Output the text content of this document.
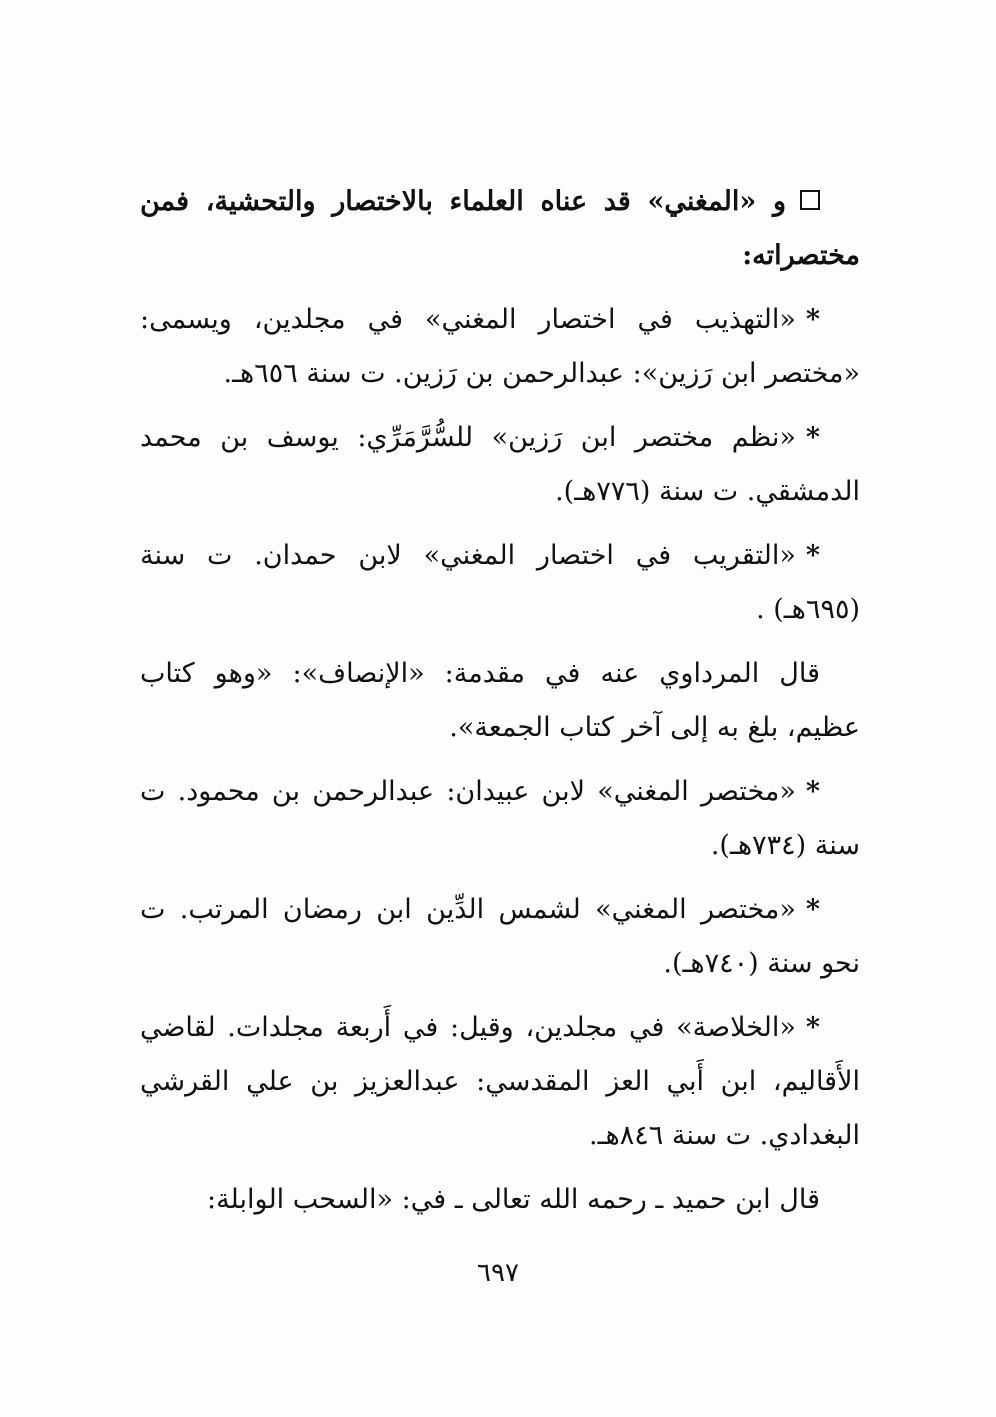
و «المغني» قد عناه العلماء بالاختصار والتحشية، فمن مختصراته:

*«التهذيب في اختصار المغني» في مجلدين، ويسمى: «مختصر ابن رَزين»: عبدالرحمن بن رَزين. ت سنة ٦٥٦هـ.

*«نظم مختصر ابن رَزين» للسُّرَّمَرِّي: يوسف بن محمد الدمشقي. ت سنة (٧٧٦هـ).

*«التقريب في اختصار المغني» لابن حمدان. ت سنة (٦٩٥هـ) .

قال المرداوي عنه في مقدمة: «الإنصاف»: «وهو كتاب عظيم، بلغ به إلى آخر كتاب الجمعة».

*«مختصر المغني» لابن عبيدان: عبدالرحمن بن محمود. ت سنة (٧٣٤هـ).

*«مختصر المغني» لشمس الدِّين ابن رمضان المرتب. ت نحو سنة (٧٤٠هـ).

*«الخلاصة» في مجلدين، وقيل: في أَربعة مجلدات. لقاضي الأَقاليم، ابن أَبي العز المقدسي: عبدالعزيز بن علي القرشي البغدادي. ت سنة ٨٤٦هـ.

قال ابن حميد ـ رحمه الله تعالى ـ في: «السحب الوابلة:

٦٩٧
